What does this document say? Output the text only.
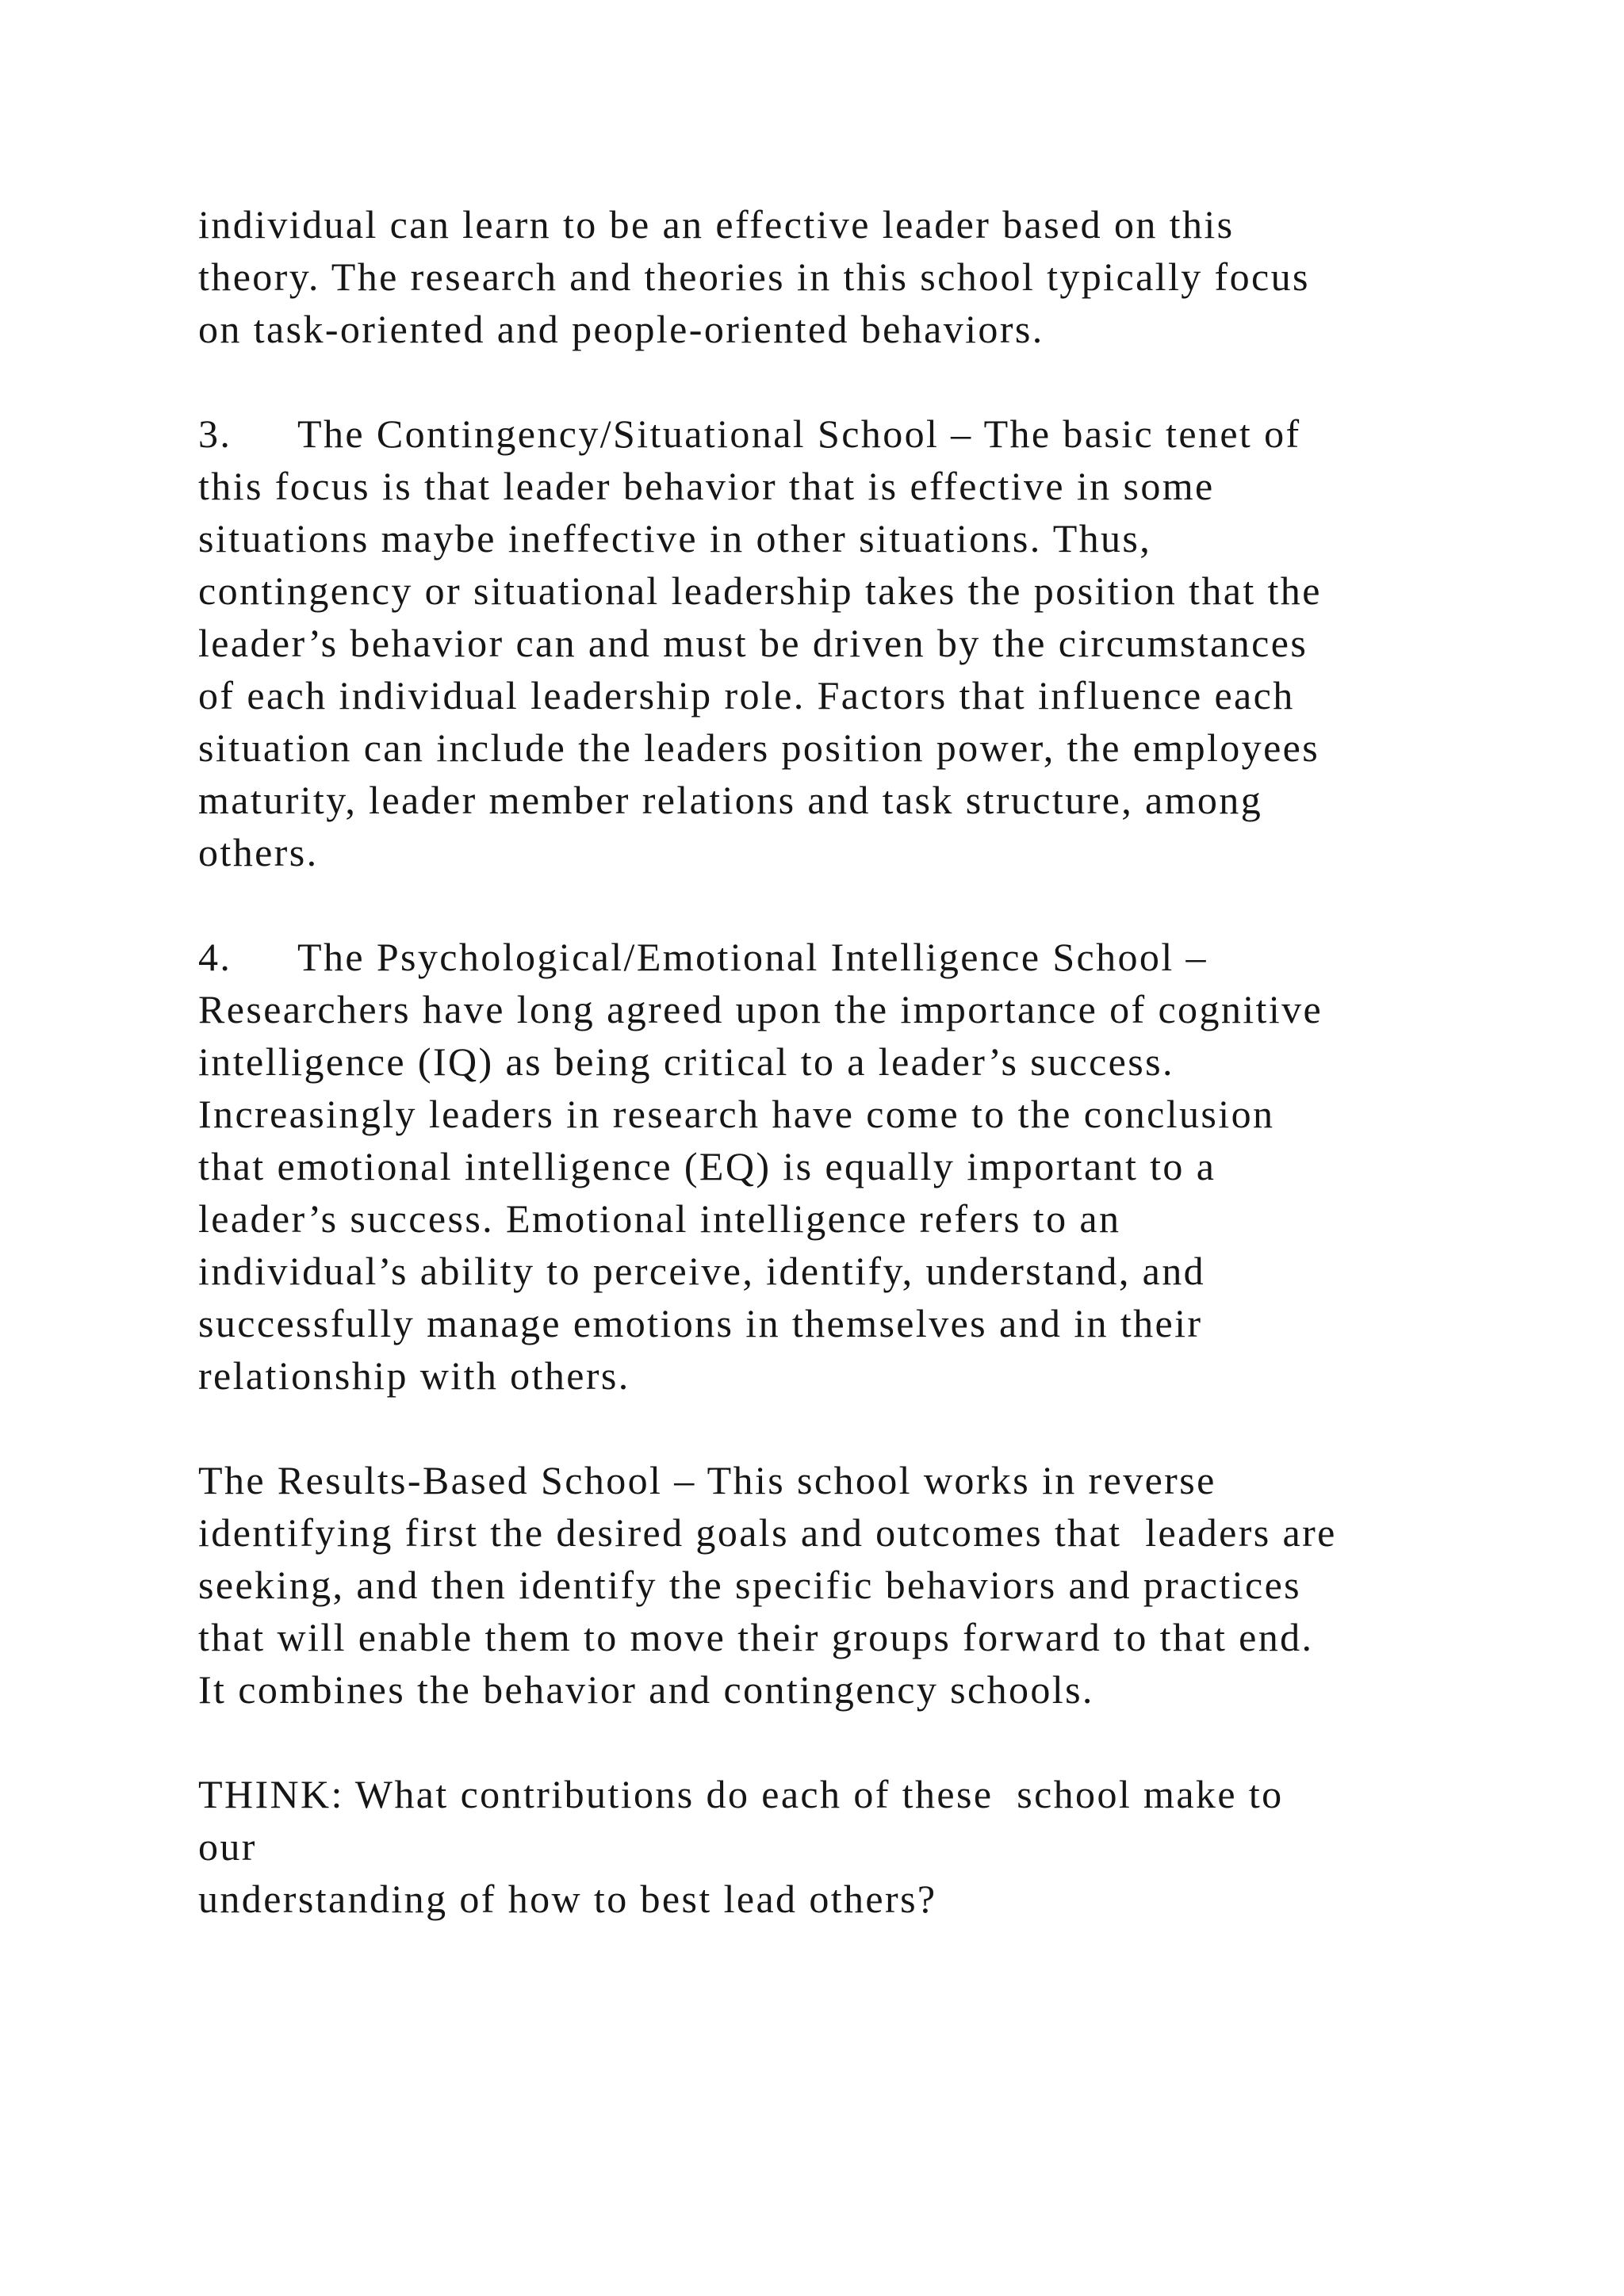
individual can learn to be an effective leader based on this

theory. The research and theories in this school typically focus

on task-oriented and people-oriented behaviors.

3. The Contingency/Situational School – The basic tenet of

this focus is that leader behavior that is effective in some

situations maybe ineffective in other situations. Thus,

contingency or situational leadership takes the position that the

leader’s behavior can and must be driven by the circumstances

of each individual leadership role. Factors that influence each

situation can include the leaders position power, the employees

maturity, leader member relations and task structure, among

others.

4. The Psychological/Emotional Intelligence School –

Researchers have long agreed upon the importance of cognitive

intelligence (IQ) as being critical to a leader’s success.

Increasingly leaders in research have come to the conclusion

that emotional intelligence (EQ) is equally important to a

leader’s success. Emotional intelligence refers to an

individual’s ability to perceive, identify, understand, and

successfully manage emotions in themselves and in their

relationship with others.

The Results-Based School – This school works in reverse

identifying first the desired goals and outcomes that  leaders are

seeking, and then identify the specific behaviors and practices

that will enable them to move their groups forward to that end.

It combines the behavior and contingency schools.

THINK: What contributions do each of these  school make to

our

understanding of how to best lead others?
